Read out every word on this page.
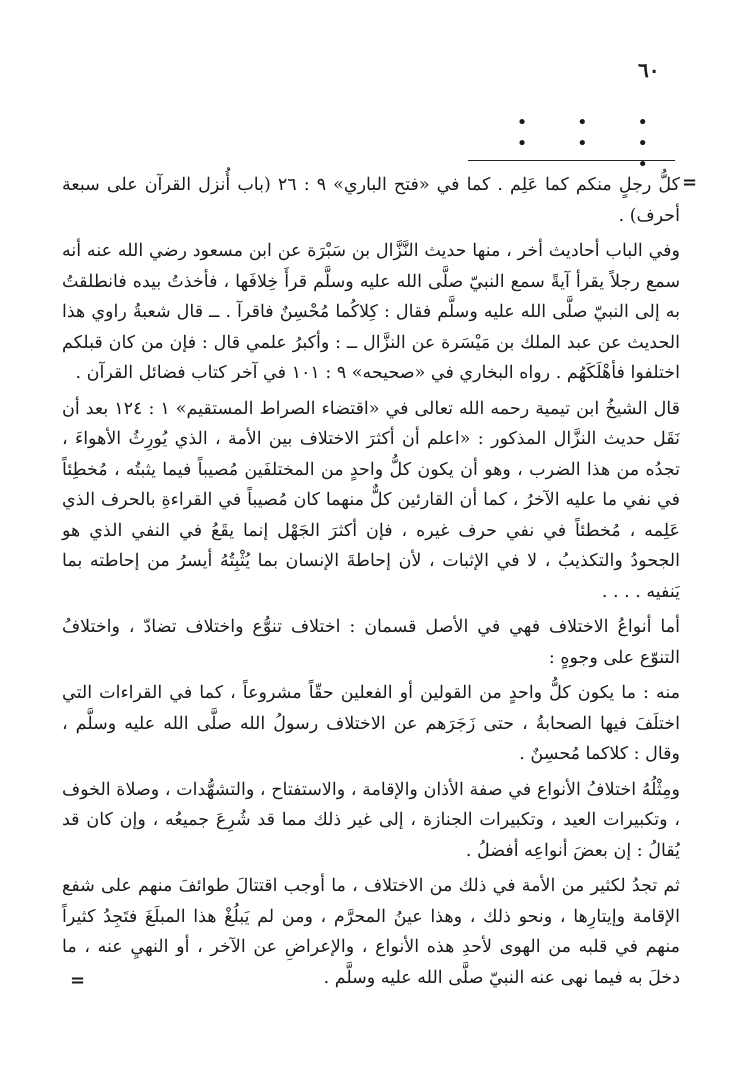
٦٠
• • • • • • •
=

كلُّ رجلٍ منكم كما عَلِم . كما في «فتح الباري» ٩ : ٢٦ (باب أُنزل القرآن على سبعة أحرف) .

وفي الباب أحاديث أخر ، منها حديث النَّزَّال بن سَبْرَة عن ابن مسعود رضي الله عنه أنه سمع رجلاً يقرأ آيةً سمع النبيّ صلَّى الله عليه وسلَّم قرأَ خِلافَها ، فأخذتُ بيده فانطلقتُ به إلى النبيّ صلَّى الله عليه وسلَّم فقال : كِلاكُما مُحْسِنٌ فاقرآ . ــ قال شعبةُ راوي هذا الحديث عن عبد الملك بن مَيْسَرة عن النزَّال ــ : وأكبرُ علمي قال : فإن من كان قبلكم اختلفوا فأهْلَكَهُم . رواه البخاري في «صحيحه» ٩ : ١٠١ في آخر كتاب فضائل القرآن .

قال الشيخُ ابن تيمية رحمه الله تعالى في «اقتضاء الصراط المستقيم» ١ : ١٢٤ بعد أن نَقَل حديث النزَّال المذكور : «اعلم أن أكثرَ الاختلاف بين الأمة ، الذي يُورِثُ الأهواءَ ، تجدُه من هذا الضرب ، وهو أن يكون كلُّ واحدٍ من المختلفَين مُصيباً فيما يثبتُه ، مُخطِئاً في نفي ما عليه الآخرُ ، كما أن القارئين كلٌّ منهما كان مُصيباً في القراءةِ بالحرف الذي عَلِمه ، مُخطئاً في نفي حرف غيره ، فإن أكثرَ الجَهْل إنما يقَعُ في النفي الذي هو الجحودُ والتكذيبُ ، لا في الإثبات ، لأن إحاطةَ الإنسان بما يُثْبِتُهُ أيسرُ من إحاطته بما يَنفيه . . . .

أما أنواعُ الاختلاف فهي في الأصل قسمان : اختلاف تنوُّع واختلاف تضادّ ، واختلافُ التنوّع على وجوهٍ :

منه : ما يكون كلُّ واحدٍ من القولين أو الفعلين حقّاً مشروعاً ، كما في القراءات التي اختلَفَ فيها الصحابةُ ، حتى زَجَرَهم عن الاختلاف رسولُ الله صلَّى الله عليه وسلَّم ، وقال : كلاكما مُحسِنٌ .

ومِثْلُهُ اختلافُ الأنواع في صفة الأذان والإقامة ، والاستفتاح ، والتشهُّدات ، وصلاة الخوف ، وتكبيرات العيد ، وتكبيرات الجنازة ، إلى غير ذلك مما قد شُرِعَ جميعُه ، وإن كان قد يُقالُ : إن بعضَ أنواعِه أفضلُ .

ثم تجدُ لكثير من الأمة في ذلك من الاختلاف ، ما أوجب اقتتالَ طوائفَ منهم على شفع الإقامة وإيتارِها ، ونحو ذلك ، وهذا عينُ المحرَّم ، ومن لم يَبلُغْ هذا المبلَغَ فتَجِدُ كثيراً منهم في قلبه من الهوى لأحدِ هذه الأنواع ، والإعراضِ عن الآخر ، أو النهيِ عنه ، ما دخلَ به فيما نهى عنه النبيّ صلَّى الله عليه وسلَّم .

=
